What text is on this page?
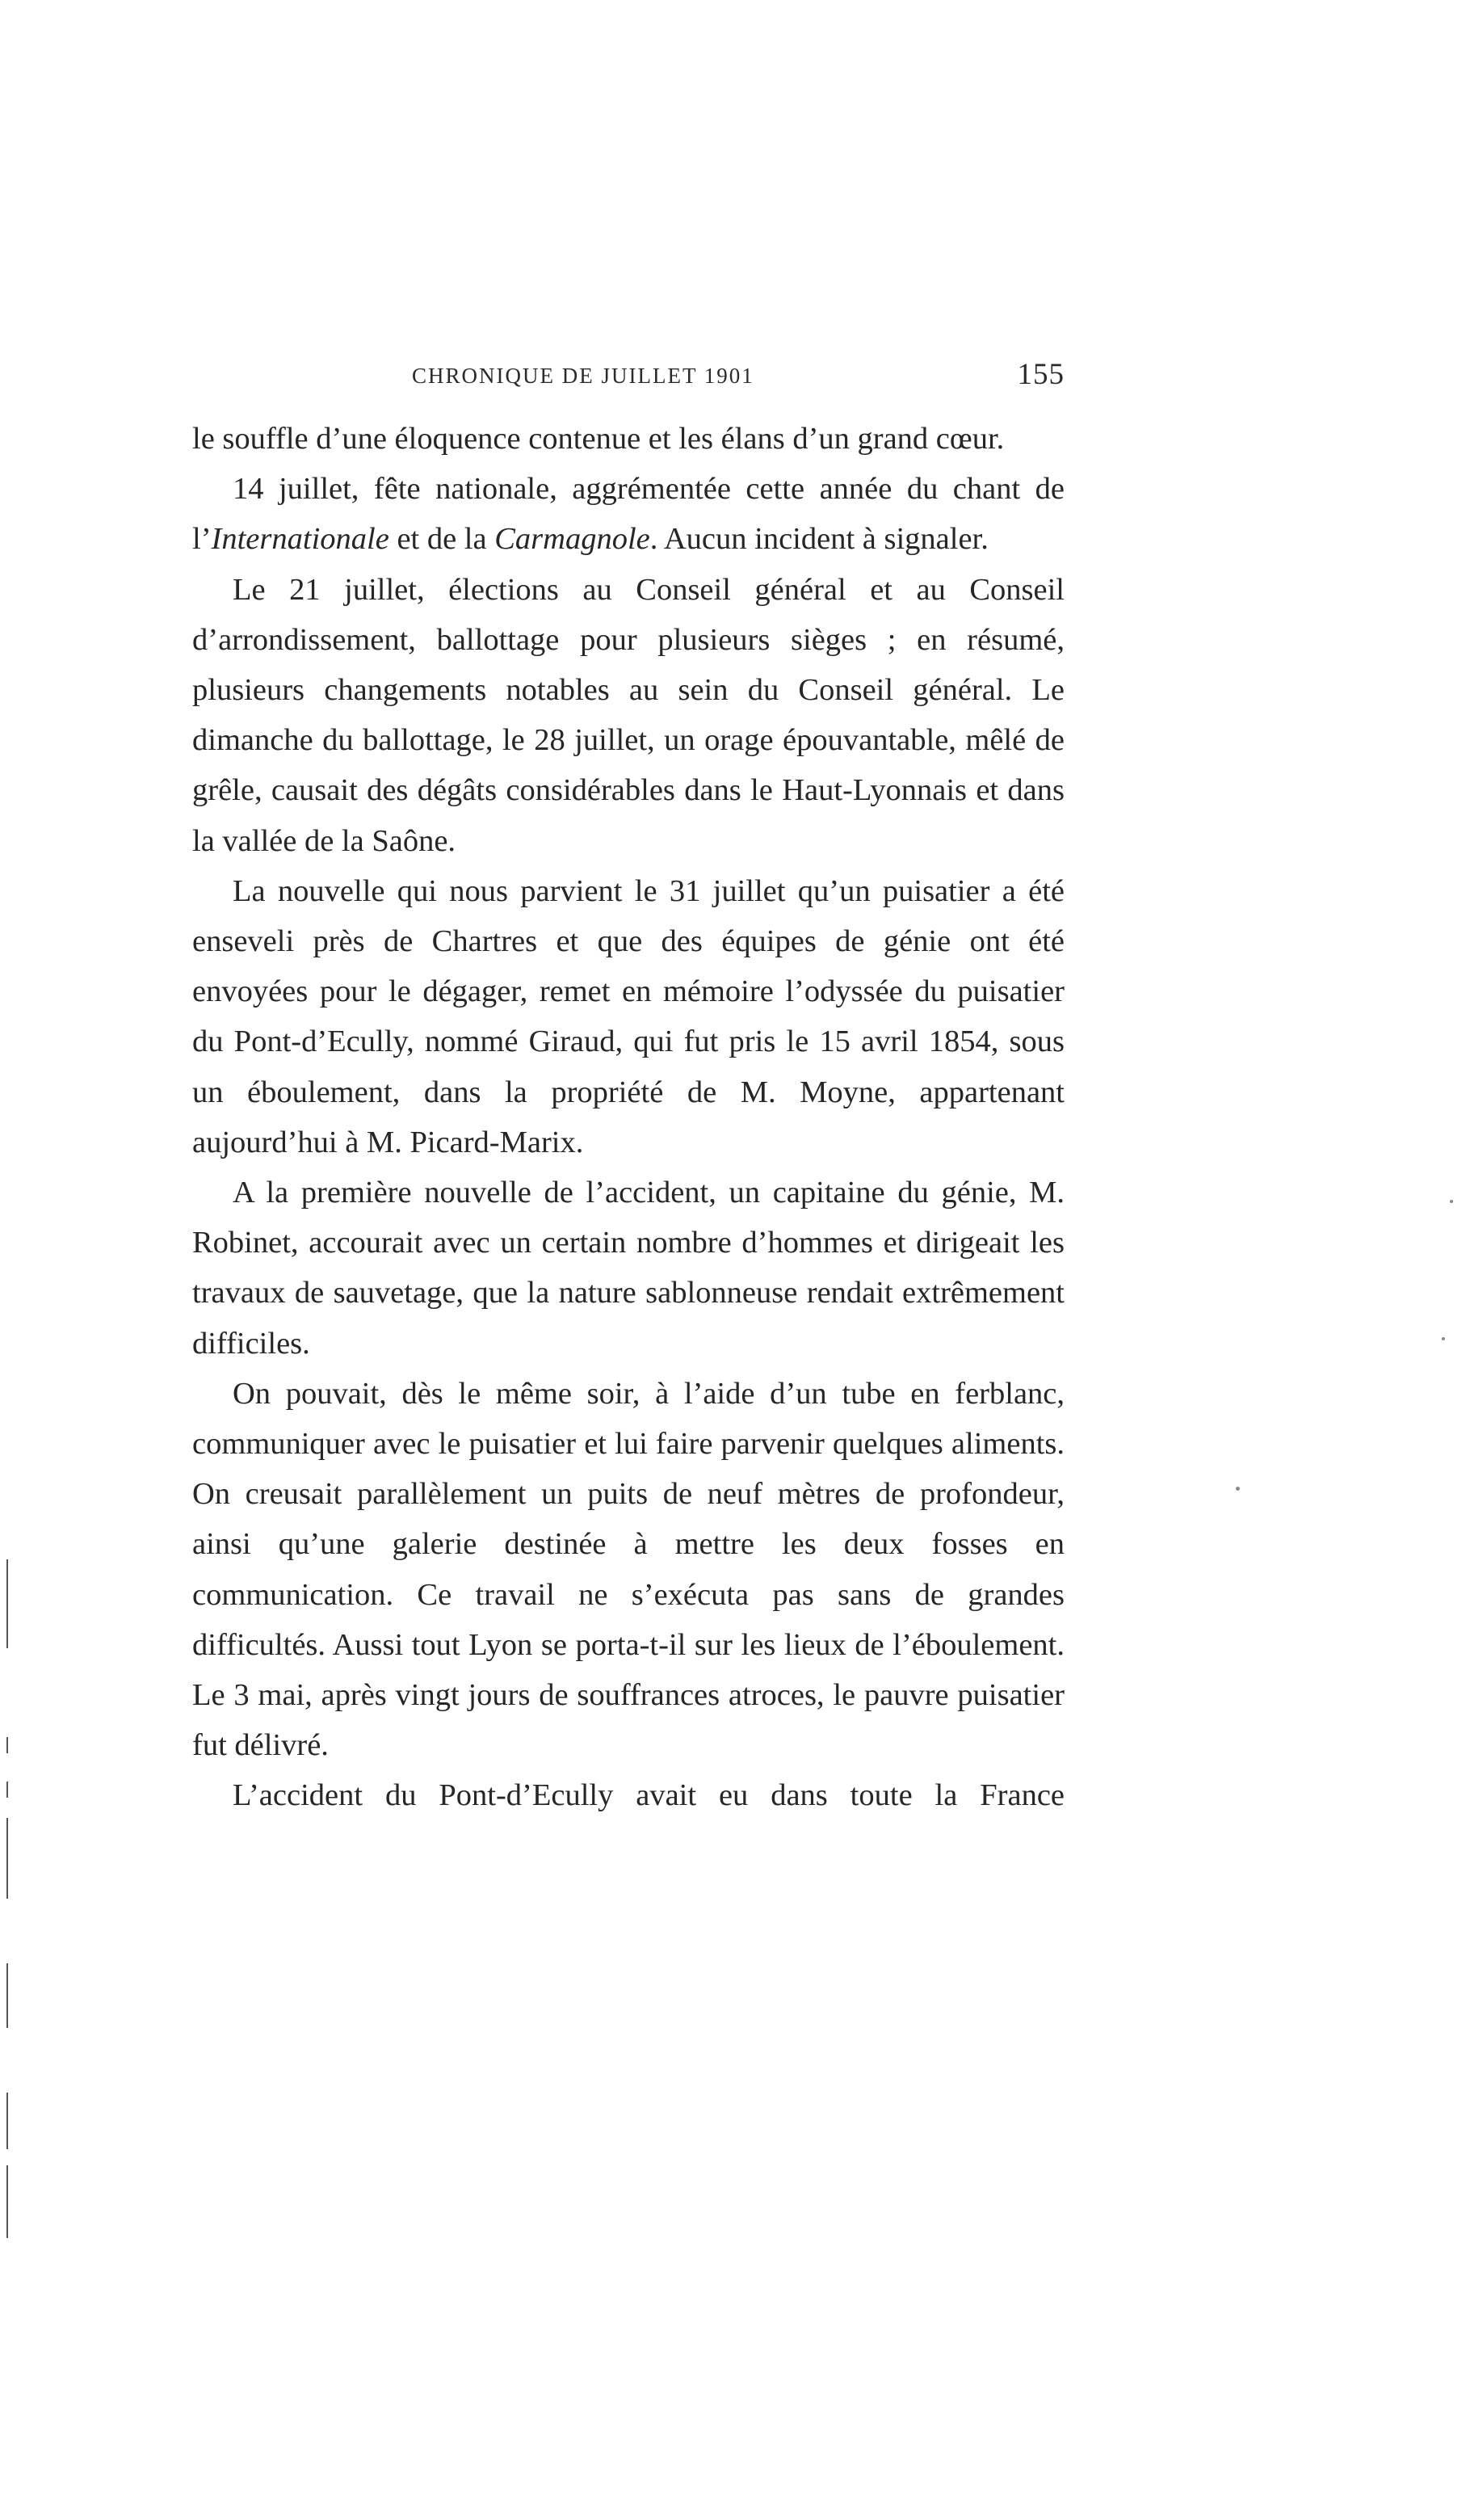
CHRONIQUE DE JUILLET 1901	155

le souffle d’une éloquence contenue et les élans d’un grand cœur.

14 juillet, fête nationale, aggrémentée cette année du chant de l’Internationale et de la Carmagnole. Aucun incident à signaler.

Le 21 juillet, élections au Conseil général et au Conseil d’arrondissement, ballottage pour plusieurs sièges ; en résumé, plusieurs changements notables au sein du Conseil général. Le dimanche du ballottage, le 28 juillet, un orage épouvantable, mêlé de grêle, causait des dégâts considérables dans le Haut-Lyonnais et dans la vallée de la Saône.

La nouvelle qui nous parvient le 31 juillet qu’un puisatier a été enseveli près de Chartres et que des équipes de génie ont été envoyées pour le dégager, remet en mémoire l’odyssée du puisatier du Pont-d’Ecully, nommé Giraud, qui fut pris le 15 avril 1854, sous un éboulement, dans la propriété de M. Moyne, appartenant aujourd’hui à M. Picard-Marix.

A la première nouvelle de l’accident, un capitaine du génie, M. Robinet, accourait avec un certain nombre d’hommes et dirigeait les travaux de sauvetage, que la nature sablonneuse rendait extrêmement difficiles.

On pouvait, dès le même soir, à l’aide d’un tube en ferblanc, communiquer avec le puisatier et lui faire parvenir quelques aliments. On creusait parallèlement un puits de neuf mètres de profondeur, ainsi qu’une galerie destinée à mettre les deux fosses en communication. Ce travail ne s’exécuta pas sans de grandes difficultés. Aussi tout Lyon se porta-t-il sur les lieux de l’éboulement. Le 3 mai, après vingt jours de souffrances atroces, le pauvre puisatier fut délivré.

L’accident du Pont-d’Ecully avait eu dans toute la France
